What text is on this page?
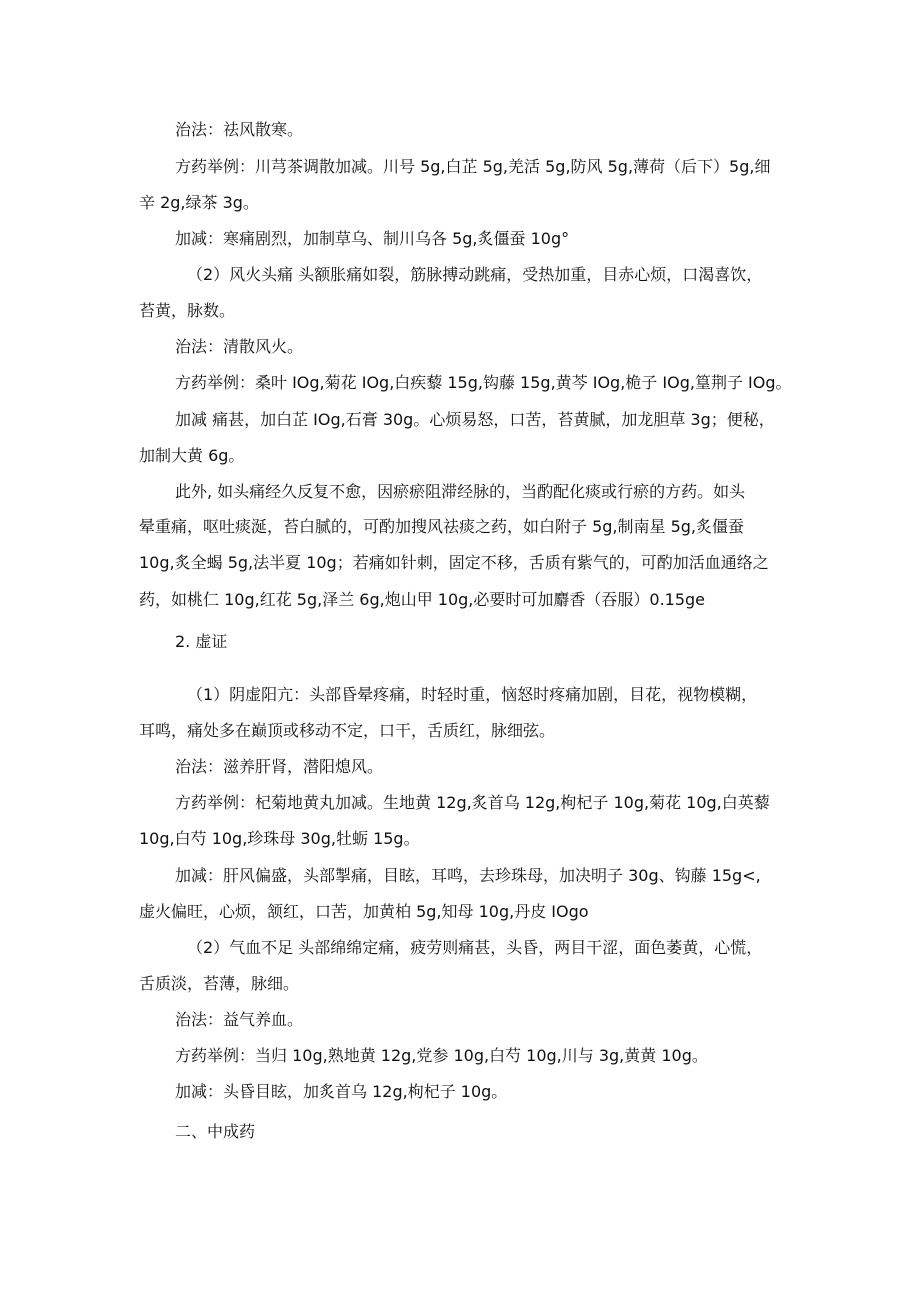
治法：祛风散寒。

方药举例：川芎茶调散加减。川号 5g,白芷 5g,羌活 5g,防风 5g,薄荷（后下）5g,细

辛 2g,绿茶 3g。

加减：寒痛剧烈，加制草乌、制川乌各 5g,炙僵蚕 10g°

（2）风火头痛 头额胀痛如裂，筋脉搏动跳痛，受热加重，目赤心烦，口渴喜饮，

苔黄，脉数。

治法：清散风火。

方药举例：桑叶 IOg,菊花 IOg,白疾藜 15g,钩藤 15g,黄芩 IOg,桅子 IOg,篁荆子 IOg。

加减 痛甚，加白芷 IOg,石膏 30g。心烦易怒，口苦，苔黄腻，加龙胆草 3g；便秘，

加制大黄 6g。

此外, 如头痛经久反复不愈，因瘀瘀阻滞经脉的，当酌配化痰或行瘀的方药。如头

晕重痛，呕吐痰涎，苔白腻的，可酌加搜风祛痰之药，如白附子 5g,制南星 5g,炙僵蚕

10g,炙全蝎 5g,法半夏 10g；若痛如针刺，固定不移，舌质有紫气的，可酌加活血通络之

药，如桃仁 10g,红花 5g,泽兰 6g,炮山甲 10g,必要时可加麝香（吞服）0.15ge

2. 虚证

（1）阴虚阳亢：头部昏晕疼痛，时轻时重，恼怒时疼痛加剧，目花，视物模糊，

耳鸣，痛处多在巅顶或移动不定，口干，舌质红，脉细弦。

治法：滋养肝肾，潜阳熄风。

方药举例：杞菊地黄丸加减。生地黄 12g,炙首乌 12g,枸杞子 10g,菊花 10g,白英藜

10g,白芍 10g,珍珠母 30g,牡蛎 15g。

加减：肝风偏盛，头部掣痛，目眩，耳鸣，去珍珠母，加决明子 30g、钩藤 15g<,

虚火偏旺，心烦，颔红，口苦，加黄柏 5g,知母 10g,丹皮 IOgo

（2）气血不足 头部绵绵定痛，疲劳则痛甚，头昏，两目干涩，面色萎黄，心慌，

舌质淡，苔薄，脉细。

治法：益气养血。

方药举例：当归 10g,熟地黄 12g,党参 10g,白芍 10g,川与 3g,黄黄 10g。

加减：头昏目眩，加炙首乌 12g,枸杞子 10g。

二、中成药
